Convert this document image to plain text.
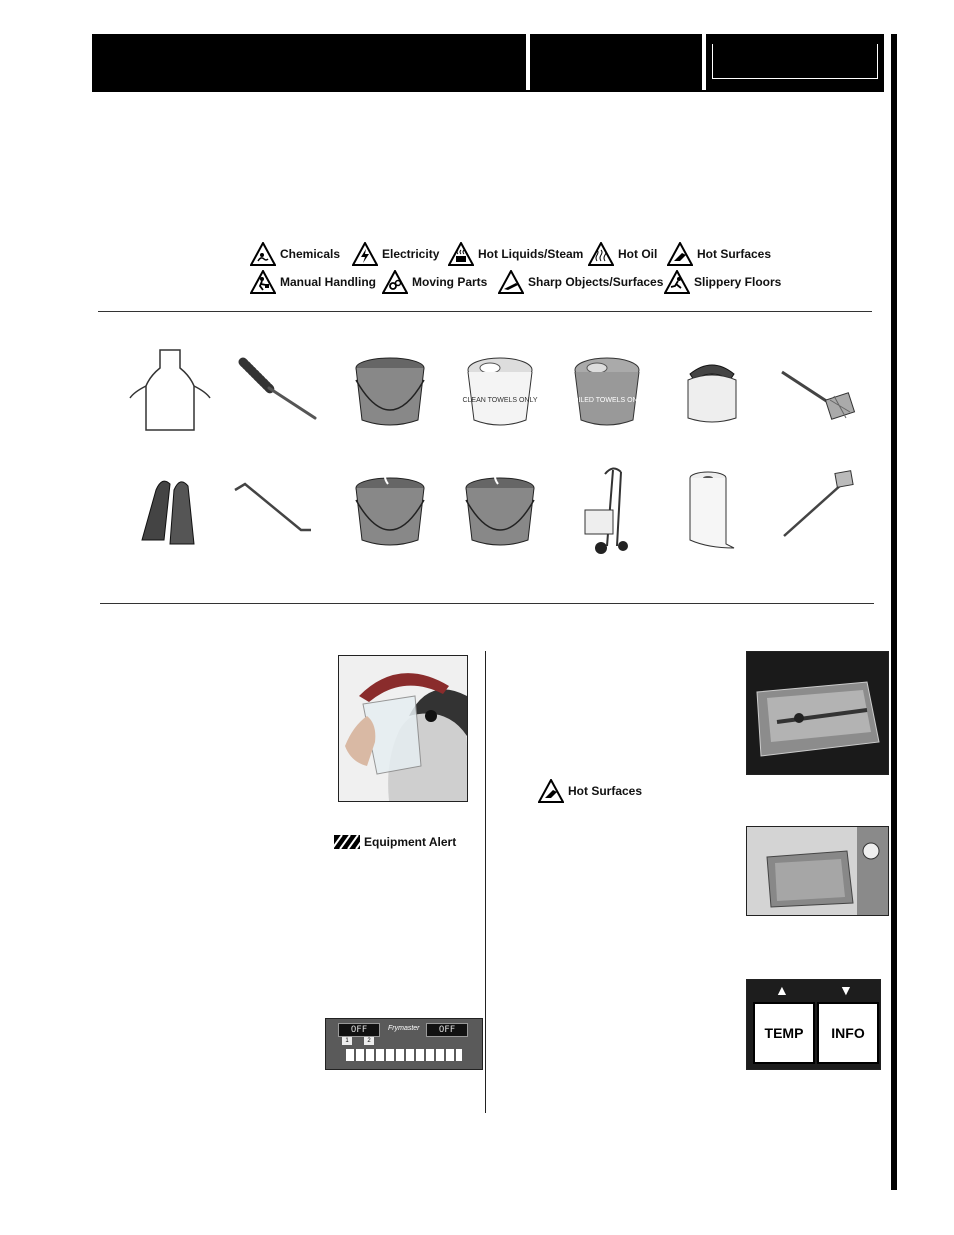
Chemicals	Electricity	Hot Liquids/Steam	Hot Oil	Hot Surfaces
Manual Handling	Moving Parts	Sharp Objects/Surfaces	Slippery Floors
CLEAN TOWELS ONLY	SOILED TOWELS ONLY
Equipment Alert
OFF	OFF
Frymaster
1	2
Hot Surfaces
▲	▼
TEMP	INFO
